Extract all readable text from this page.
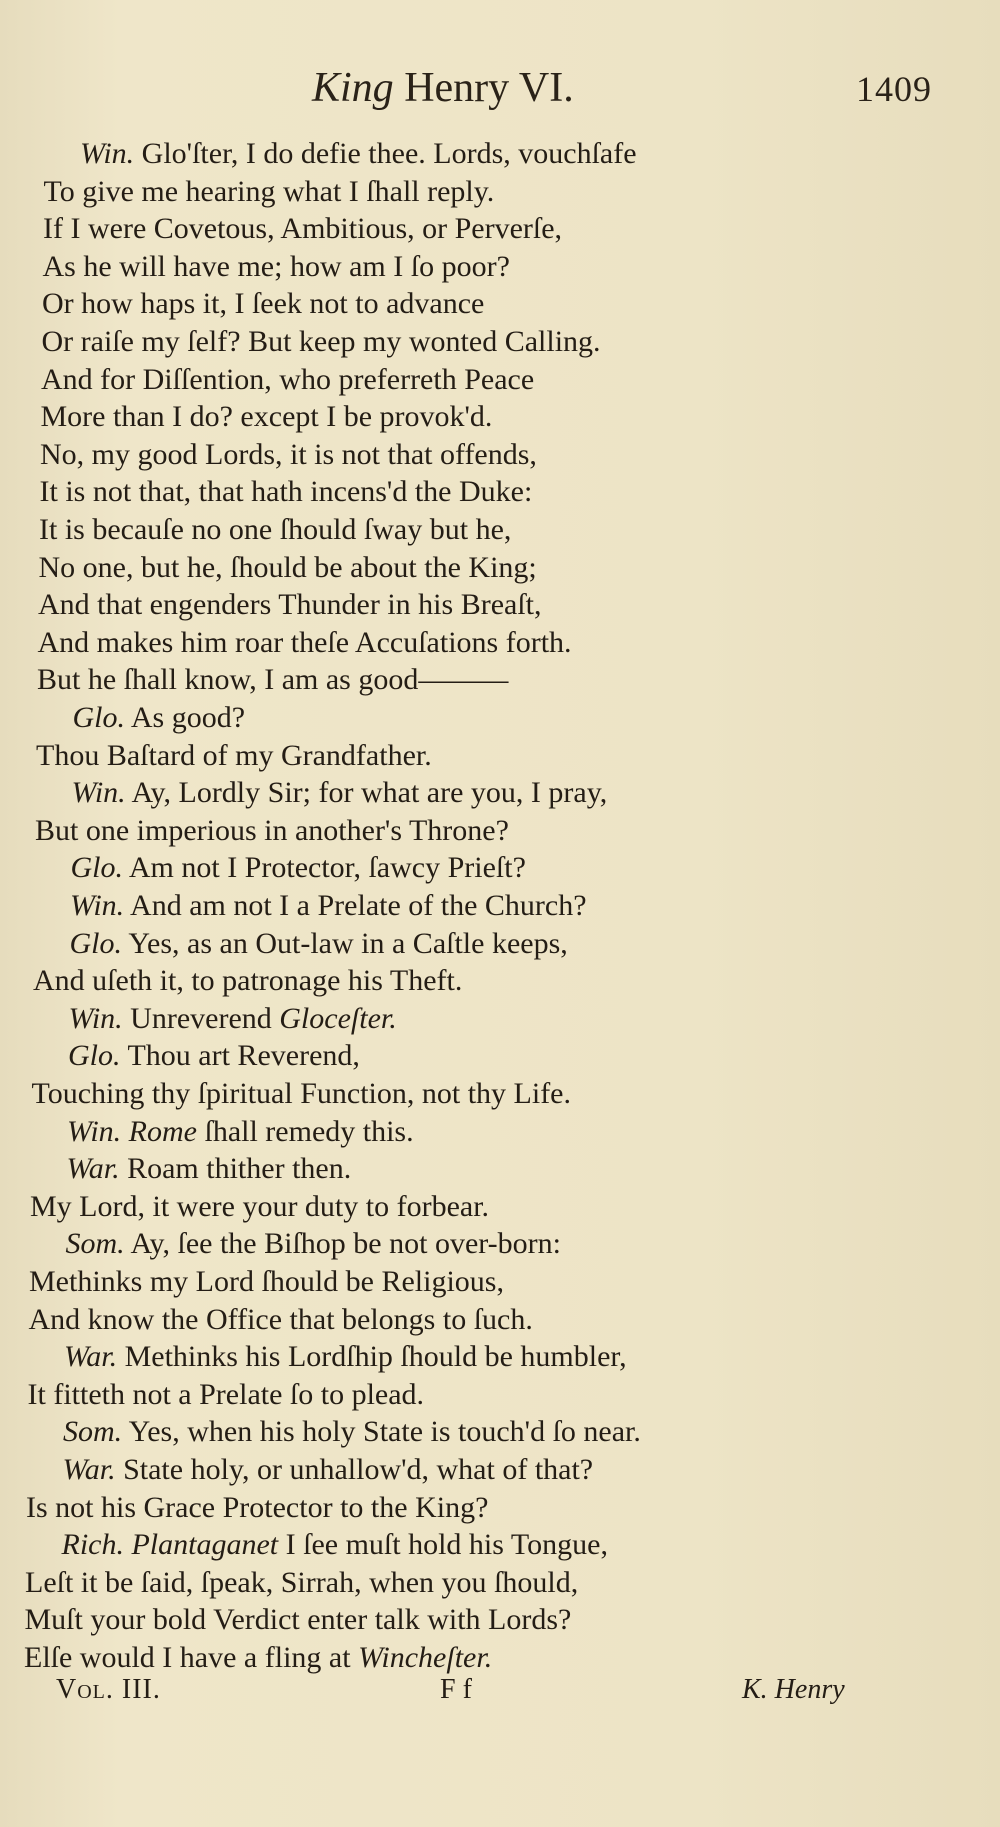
King Henry VI.	1409
Win. Glo'ſter, I do defie thee. Lords, vouchſafe
To give me hearing what I ſhall reply.
If I were Covetous, Ambitious, or Perverſe,
As he will have me; how am I ſo poor?
Or how haps it, I ſeek not to advance
Or raiſe my ſelf? But keep my wonted Calling.
And for Diſſention, who preferreth Peace
More than I do? except I be provok'd.
No, my good Lords, it is not that offends,
It is not that, that hath incens'd the Duke:
It is becauſe no one ſhould ſway but he,
No one, but he, ſhould be about the King;
And that engenders Thunder in his Breaſt,
And makes him roar theſe Accuſations forth.
But he ſhall know, I am as good———
Glo. As good?
Thou Baſtard of my Grandfather.
Win. Ay, Lordly Sir; for what are you, I pray,
But one imperious in another's Throne?
Glo. Am not I Protector, ſawcy Prieſt?
Win. And am not I a Prelate of the Church?
Glo. Yes, as an Out-law in a Caſtle keeps,
And uſeth it, to patronage his Theft.
Win. Unreverend Gloceſter.
Glo. Thou art Reverend,
Touching thy ſpiritual Function, not thy Life.
Win. Rome ſhall remedy this.
War. Roam thither then.
My Lord, it were your duty to forbear.
Som. Ay, ſee the Biſhop be not over-born:
Methinks my Lord ſhould be Religious,
And know the Office that belongs to ſuch.
War. Methinks his Lordſhip ſhould be humbler,
It fitteth not a Prelate ſo to plead.
Som. Yes, when his holy State is touch'd ſo near.
War. State holy, or unhallow'd, what of that?
Is not his Grace Protector to the King?
Rich. Plantaganet I ſee muſt hold his Tongue,
Leſt it be ſaid, ſpeak, Sirrah, when you ſhould,
Muſt your bold Verdict enter talk with Lords?
Elſe would I have a fling at Wincheſter.
Vol. III.	F f	K. Henry
